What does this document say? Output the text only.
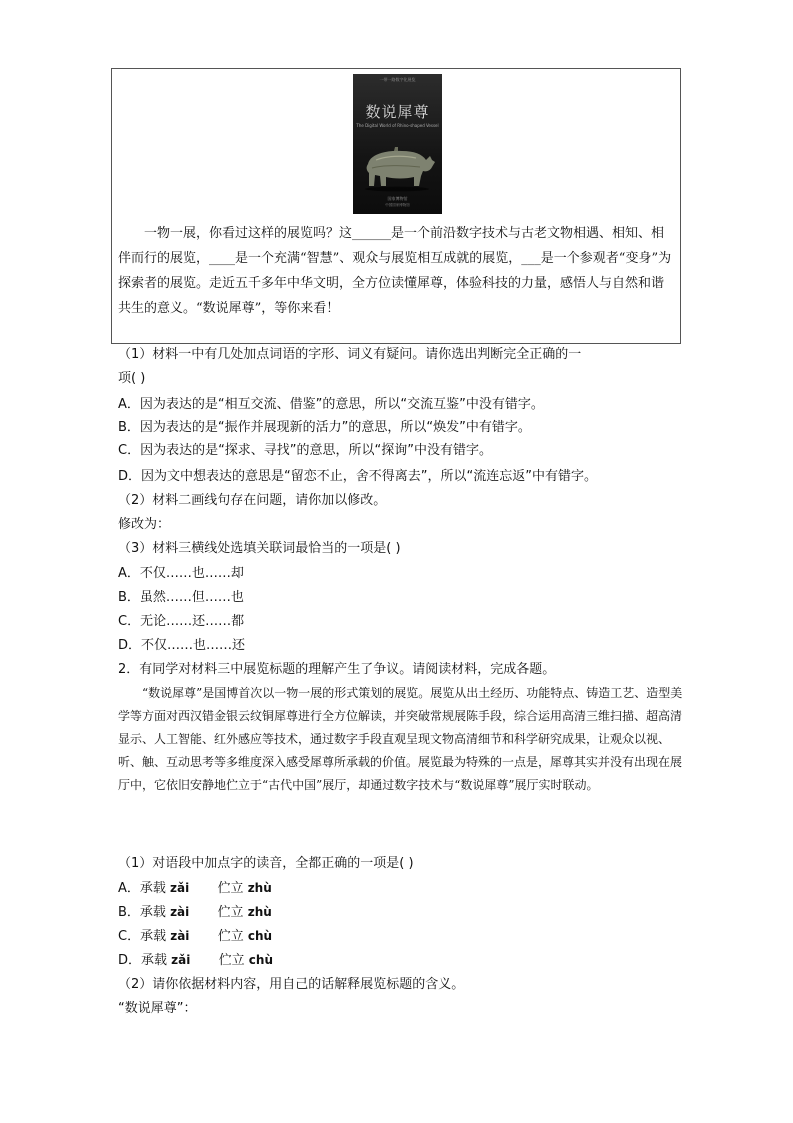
一带一路数字化展览
数说犀尊
The Digital World of Rhino-shaped Vessel
国家博物馆
中国国家博物馆

一物一展，你看过这样的展览吗？这______是一个前沿数字技术与古老文物相遇、相知、相伴而行的展览，____是一个充满“智慧”、观众与展览相互成就的展览，___是一个参观者“变身”为探索者的展览。走近五千多年中华文明，全方位读懂犀尊，体验科技的力量，感悟人与自然和谐共生的意义。“数说犀尊”，等你来看！

（1）材料一中有几处加点词语的字形、词义有疑问。请你选出判断完全正确的一
项( )
A．因为表达的是“相互交流、借鉴”的意思，所以“交流互鉴”中没有错字。
B．因为表达的是“振作并展现新的活力”的意思，所以“焕发”中有错字。
C．因为表达的是“探求、寻找”的意思，所以“探询”中没有错字。
D．因为文中想表达的意思是“留恋不止，舍不得离去”，所以“流连忘返”中有错字。
（2）材料二画线句存在问题，请你加以修改。
修改为：
（3）材料三横线处选填关联词最恰当的一项是( )
A．不仅……也……却
B．虽然……但……也
C．无论……还……都
D．不仅……也……还
2．有同学对材料三中展览标题的理解产生了争议。请阅读材料，完成各题。

“数说犀尊”是国博首次以一物一展的形式策划的展览。展览从出土经历、功能特点、铸造工艺、造型美学等方面对西汉错金银云纹铜犀尊进行全方位解读，并突破常规展陈手段，综合运用高清三维扫描、超高清显示、人工智能、红外感应等技术，通过数字手段直观呈现文物高清细节和科学研究成果，让观众以视、听、触、互动思考等多维度深入感受犀尊所承载的价值。展览最为特殊的一点是，犀尊其实并没有出现在展厅中，它依旧安静地伫立于“古代中国”展厅，却通过数字技术与“数说犀尊”展厅实时联动。

（1）对语段中加点字的读音，全都正确的一项是( )
A．承载 zǎi 伫立 zhù
B．承载 zài 伫立 zhù
C．承载 zài 伫立 chù
D．承载 zǎi 伫立 chù
（2）请你依据材料内容，用自己的话解释展览标题的含义。
“数说犀尊”：
